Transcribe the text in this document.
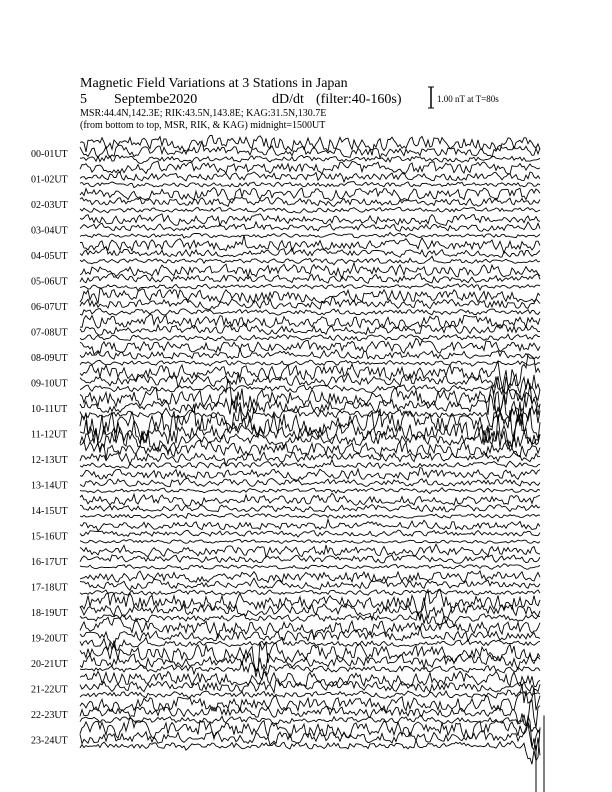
Magnetic Field Variations at 3 Stations in Japan
5 Septembe2020	dD/dt (filter:40-160s)
MSR:44.4N,142.3E; RIK:43.5N,143.8E; KAG:31.5N,130.7E
(from bottom to top, MSR, RIK, & KAG) midnight=1500UT
1.00 nT at T=80s
00-01UT
01-02UT
02-03UT
03-04UT
04-05UT
05-06UT
06-07UT
07-08UT
08-09UT
09-10UT
10-11UT
11-12UT
12-13UT
13-14UT
14-15UT
15-16UT
16-17UT
17-18UT
18-19UT
19-20UT
20-21UT
21-22UT
22-23UT
23-24UT
